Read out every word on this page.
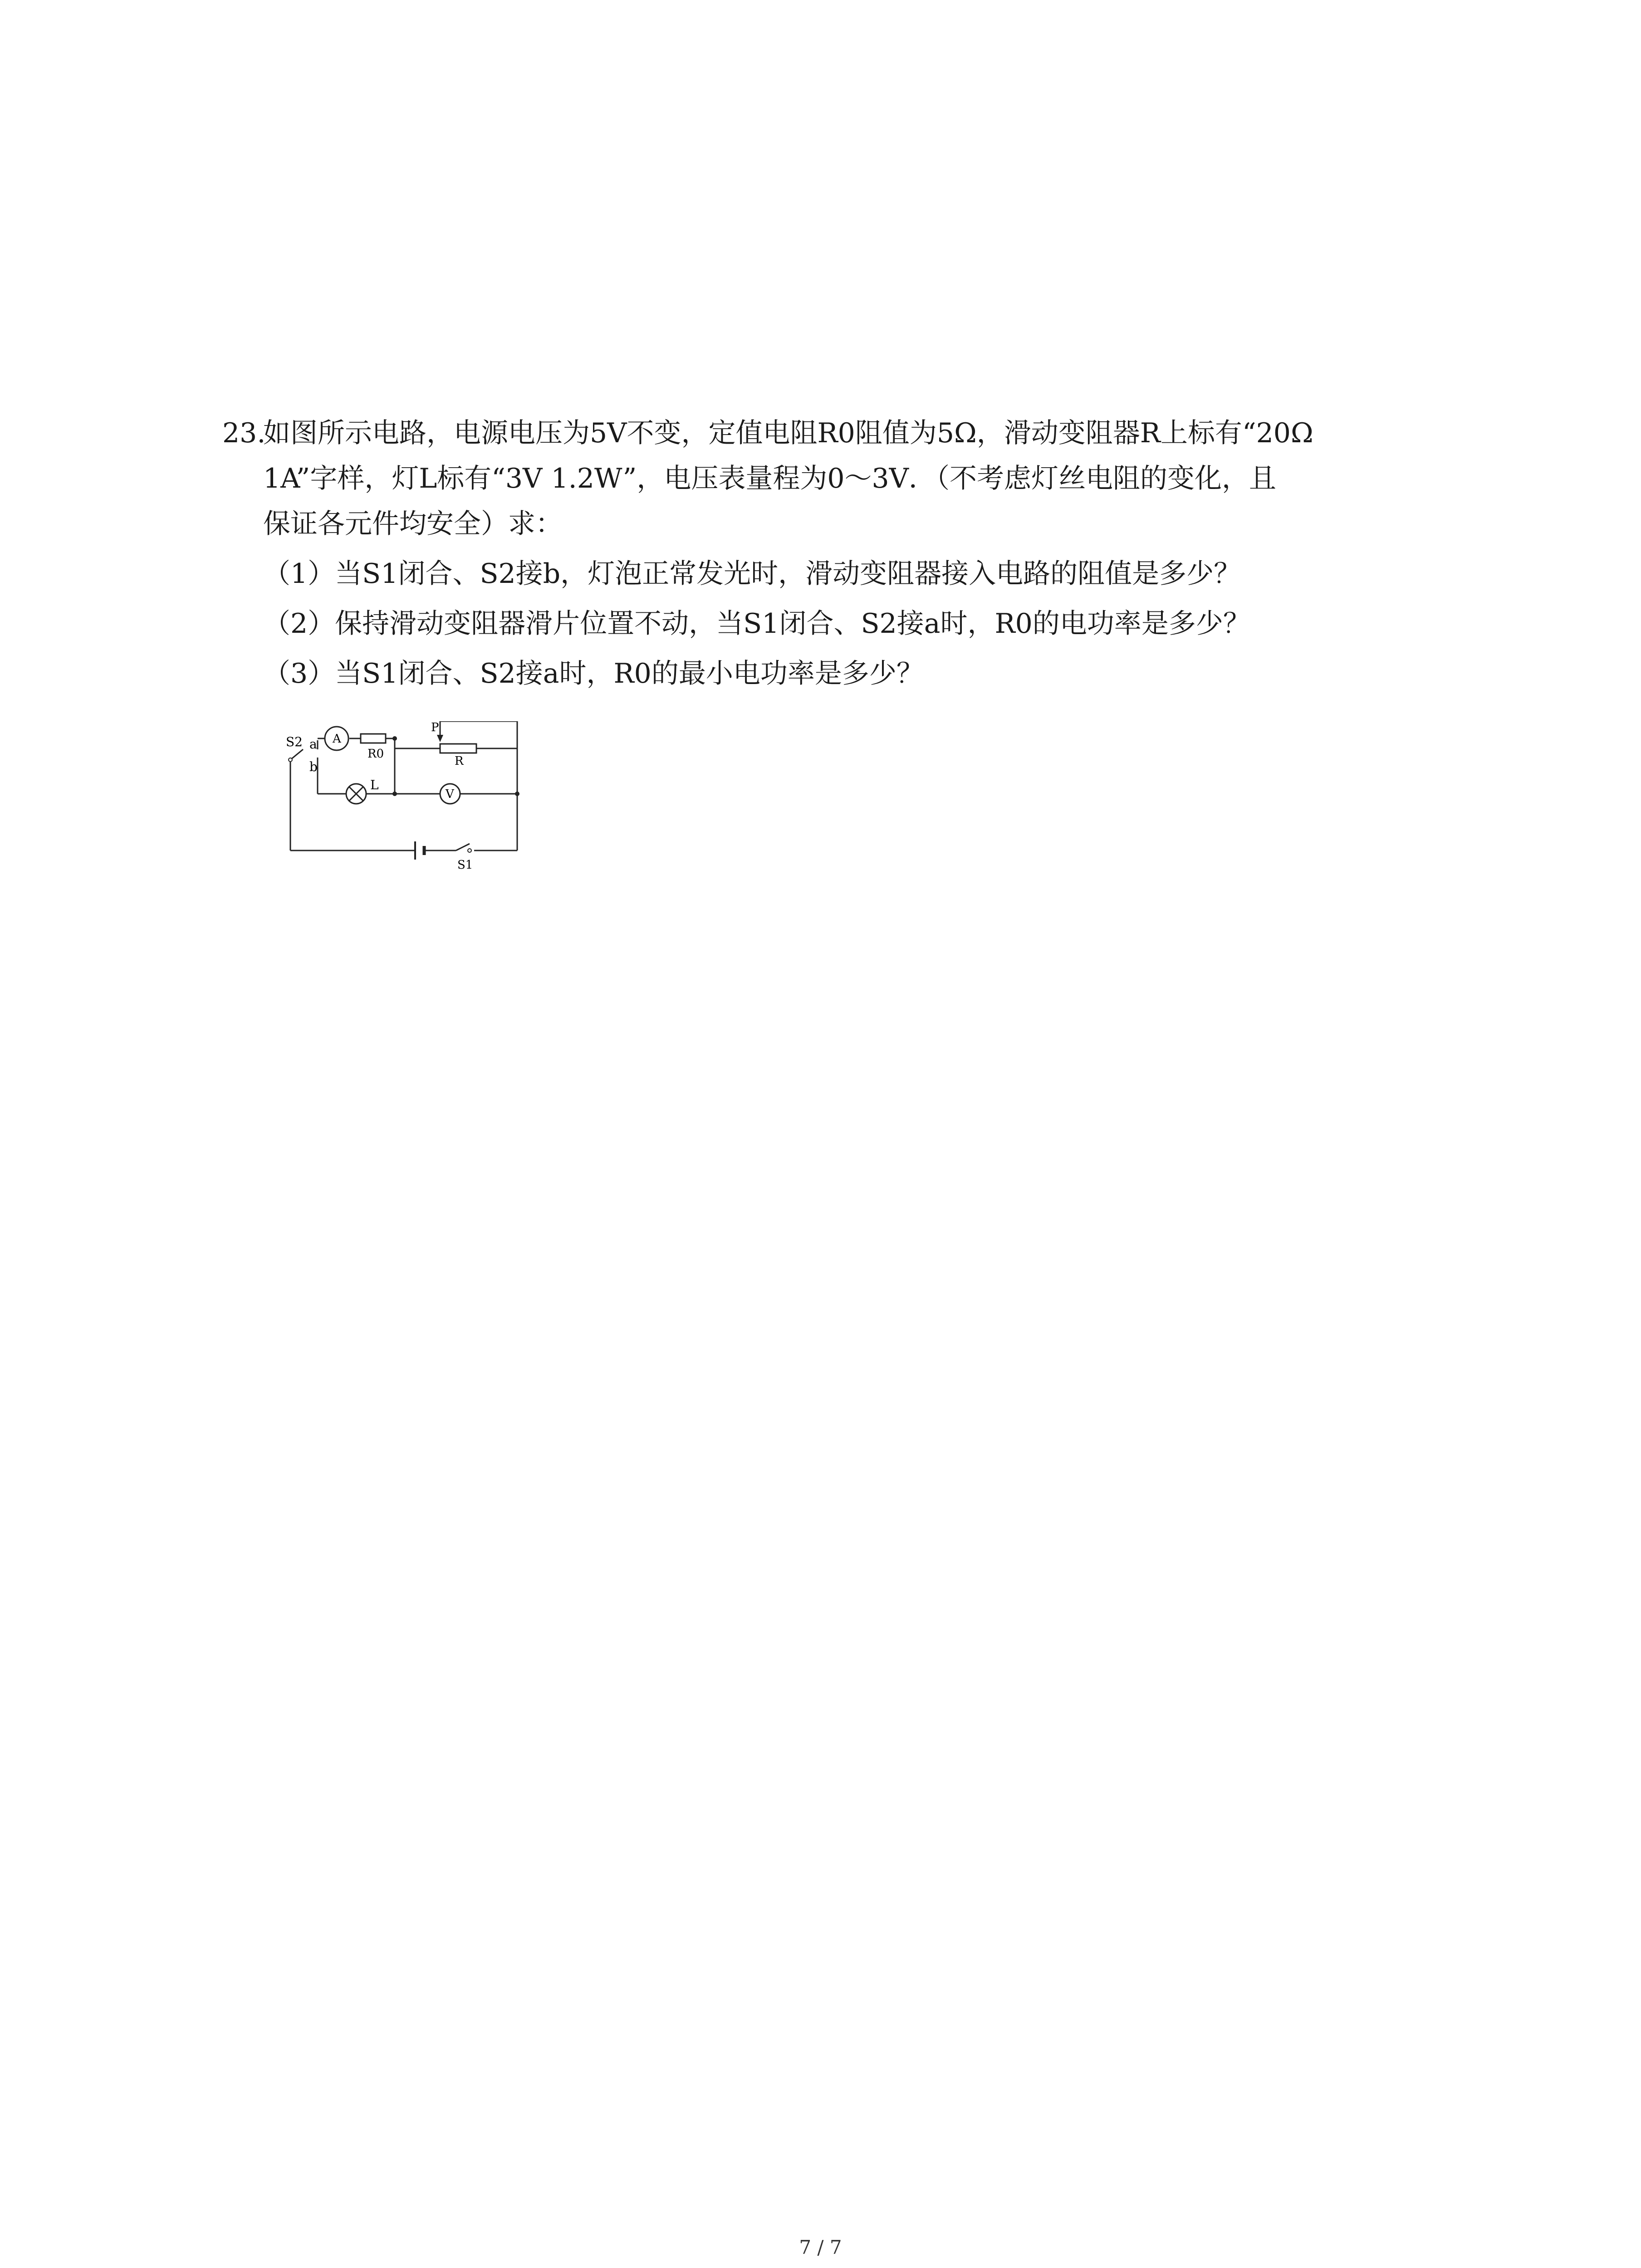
23.如图所示电路，电源电压为5V不变，定值电阻R0阻值为5Ω，滑动变阻器R上标有“20Ω

1A”字样，灯L标有“3V 1.2W”，电压表量程为0～3V．（不考虑灯丝电阻的变化，且

保证各元件均安全）求：

（1）当S1闭合、S2接b，灯泡正常发光时，滑动变阻器接入电路的阻值是多少？

（2）保持滑动变阻器滑片位置不动，当S1闭合、S2接a时，R0的电功率是多少？

（3）当S1闭合、S2接a时，R0的最小电功率是多少？

S2 a
b
A
R0
P
R
L
V
S1
7 / 7
